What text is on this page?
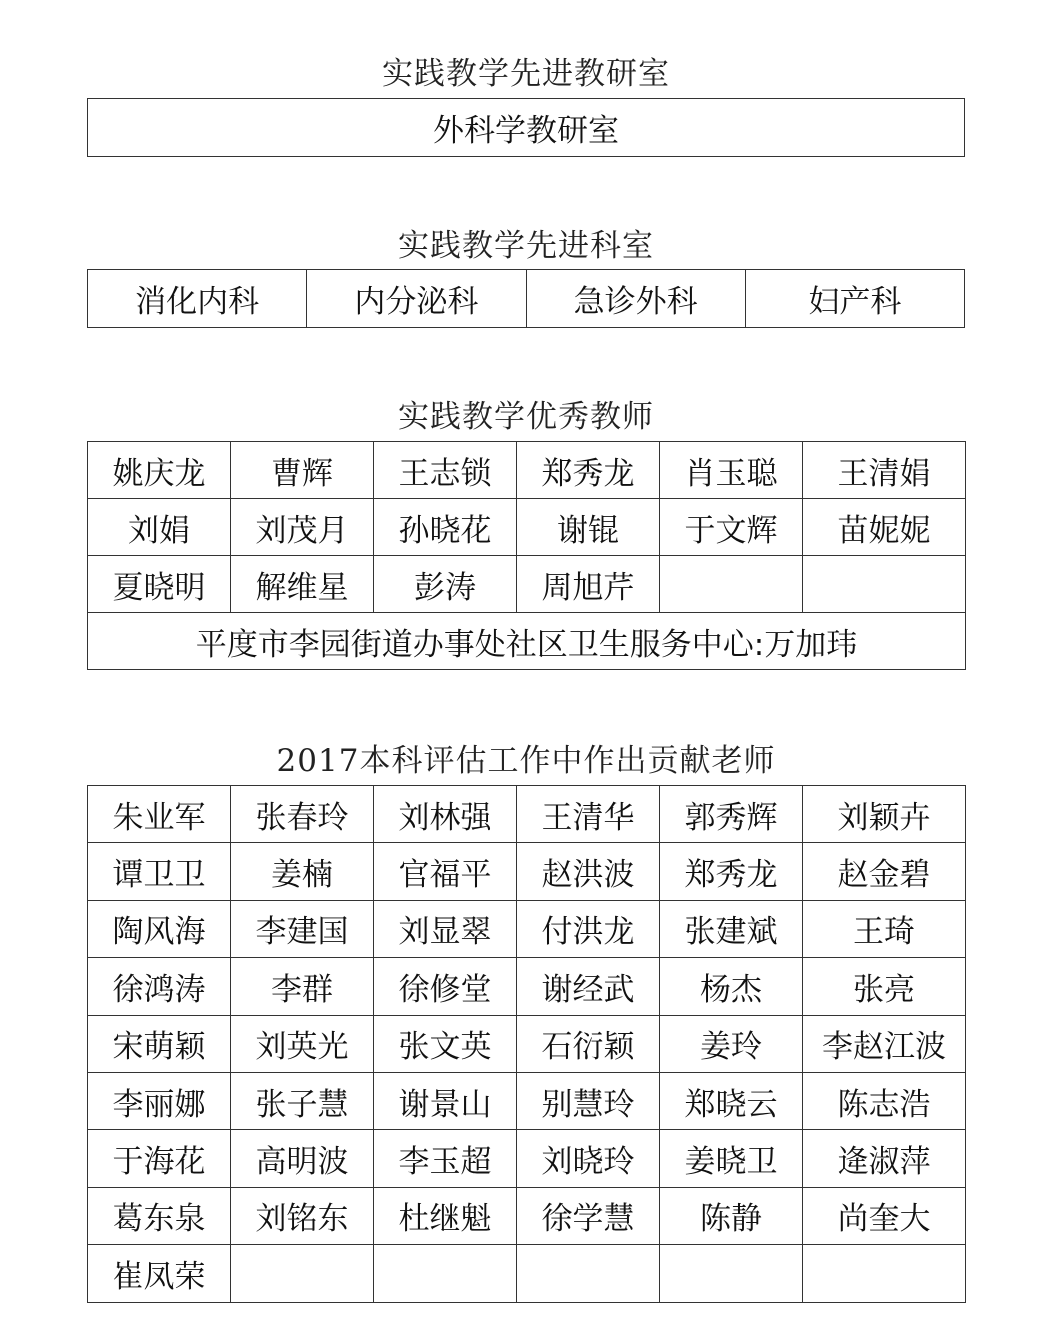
实践教学先进教研室
外科学教研室
实践教学先进科室
消化内科	内分泌科	急诊外科	妇产科
实践教学优秀教师
姚庆龙	曹辉	王志锁	郑秀龙	肖玉聪	王清娟
刘娟	刘茂月	孙晓花	谢锟	于文辉	苗妮妮
夏晓明	解维星	彭涛	周旭芹		
平度市李园街道办事处社区卫生服务中心:万加玮					
2017本科评估工作中作出贡献老师
朱业军	张春玲	刘林强	王清华	郭秀辉	刘颖卉
谭卫卫	姜楠	官福平	赵洪波	郑秀龙	赵金碧
陶风海	李建国	刘显翠	付洪龙	张建斌	王琦
徐鸿涛	李群	徐修堂	谢经武	杨杰	张亮
宋萌颖	刘英光	张文英	石衍颖	姜玲	李赵江波
李丽娜	张子慧	谢景山	别慧玲	郑晓云	陈志浩
于海花	高明波	李玉超	刘晓玲	姜晓卫	逄淑萍
葛东泉	刘铭东	杜继魁	徐学慧	陈静	尚奎大
崔凤荣					
